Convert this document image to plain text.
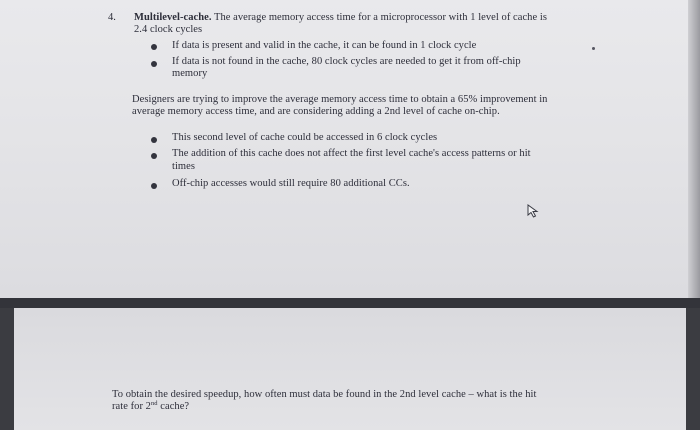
4.	Multilevel-cache. The average memory access time for a microprocessor with 1 level of cache is
2.4 clock cycles
If data is present and valid in the cache, it can be found in 1 clock cycle
If data is not found in the cache, 80 clock cycles are needed to get it from off-chip
memory
Designers are trying to improve the average memory access time to obtain a 65% improvement in
average memory access time, and are considering adding a 2nd level of cache on-chip.
This second level of cache could be accessed in 6 clock cycles
The addition of this cache does not affect the first level cache's access patterns or hit
times
Off-chip accesses would still require 80 additional CCs.
To obtain the desired speedup, how often must data be found in the 2nd level cache – what is the hit
rate for 2nd cache?
